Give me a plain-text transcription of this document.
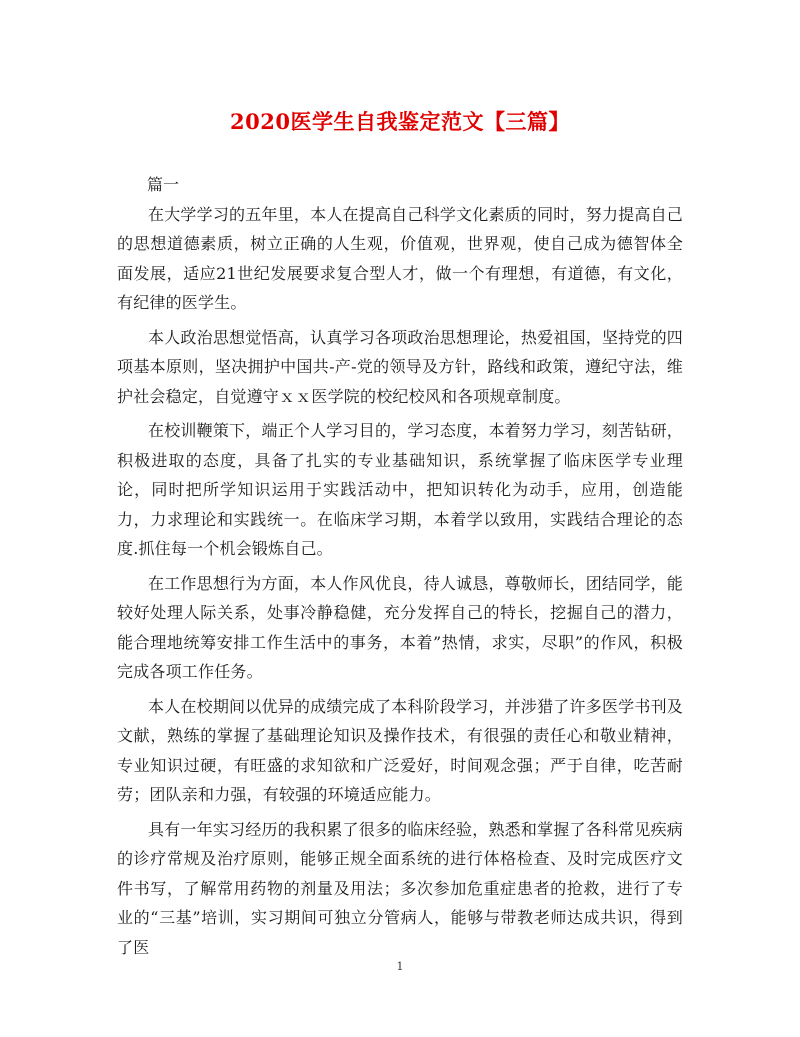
2020医学生自我鉴定范文【三篇】

篇一

在大学学习的五年里，本人在提高自己科学文化素质的同时，努力提高自己的思想道德素质，树立正确的人生观，价值观，世界观，使自己成为德智体全面发展，适应21世纪发展要求复合型人才，做一个有理想，有道德，有文化，有纪律的医学生。

本人政治思想觉悟高，认真学习各项政治思想理论，热爱祖国，坚持党的四项基本原则，坚决拥护中国共-产-党的领导及方针，路线和政策，遵纪守法，维护社会稳定，自觉遵守ｘｘ医学院的校纪校风和各项规章制度。

在校训鞭策下，端正个人学习目的，学习态度，本着努力学习，刻苦钻研，积极进取的态度，具备了扎实的专业基础知识，系统掌握了临床医学专业理论，同时把所学知识运用于实践活动中，把知识转化为动手，应用，创造能力，力求理论和实践统一。在临床学习期，本着学以致用，实践结合理论的态度.抓住每一个机会锻炼自己。

在工作思想行为方面，本人作风优良，待人诚恳，尊敬师长，团结同学，能较好处理人际关系，处事冷静稳健，充分发挥自己的特长，挖掘自己的潜力，能合理地统筹安排工作生活中的事务，本着”热情，求实，尽职”的作风，积极完成各项工作任务。

本人在校期间以优异的成绩完成了本科阶段学习，并涉猎了许多医学书刊及文献，熟练的掌握了基础理论知识及操作技术，有很强的责任心和敬业精神，专业知识过硬，有旺盛的求知欲和广泛爱好，时间观念强；严于自律，吃苦耐劳；团队亲和力强，有较强的环境适应能力。

具有一年实习经历的我积累了很多的临床经验，熟悉和掌握了各科常见疾病的诊疗常规及治疗原则，能够正规全面系统的进行体格检查、及时完成医疗文件书写，了解常用药物的剂量及用法；多次参加危重症患者的抢救，进行了专业的“三基”培训，实习期间可独立分管病人，能够与带教老师达成共识，得到了医

1
